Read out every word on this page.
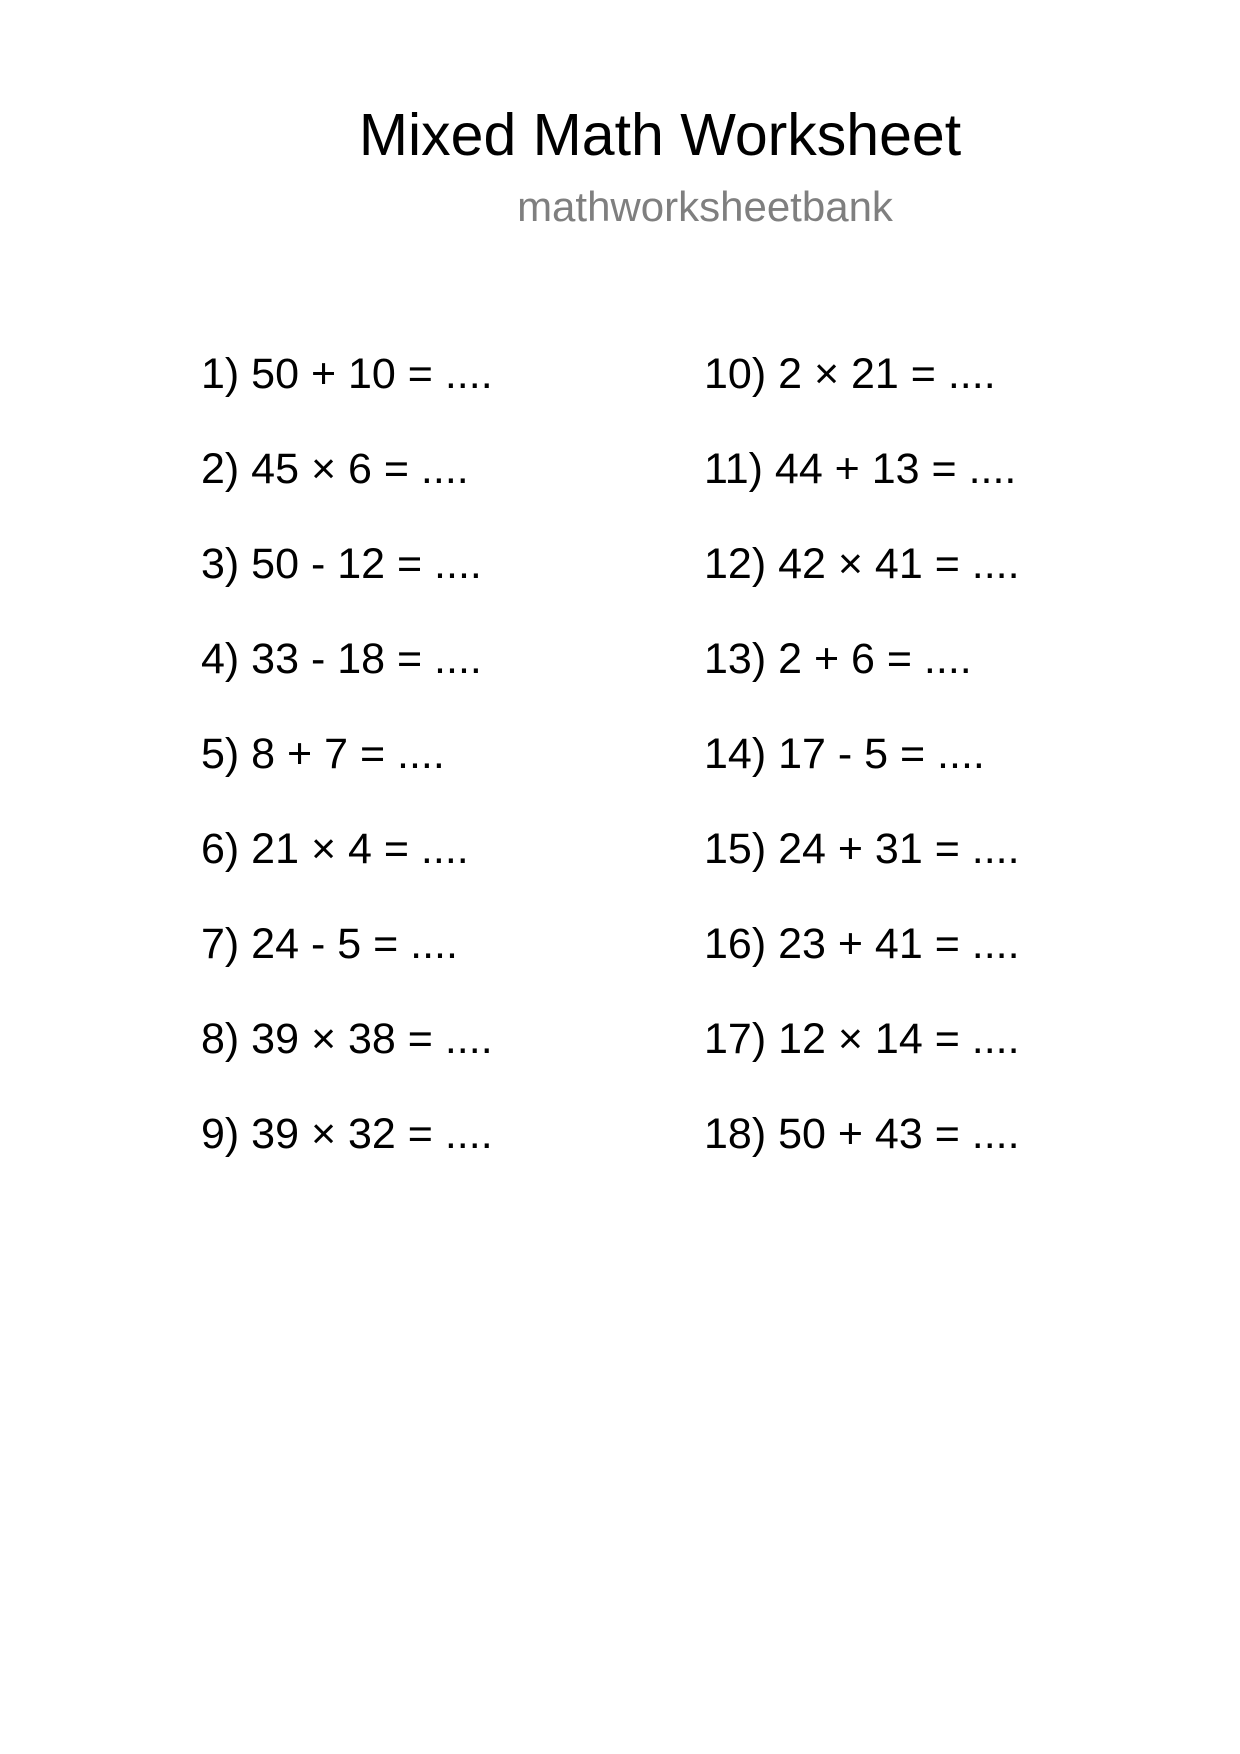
Mixed Math Worksheet
mathworksheetbank
1) 50 + 10 = ....
2) 45 × 6 = ....
3) 50 - 12 = ....
4) 33 - 18 = ....
5) 8 + 7 = ....
6) 21 × 4 = ....
7) 24 - 5 = ....
8) 39 × 38 = ....
9) 39 × 32 = ....
10) 2 × 21 = ....
11) 44 + 13 = ....
12) 42 × 41 = ....
13) 2 + 6 = ....
14) 17 - 5 = ....
15) 24 + 31 = ....
16) 23 + 41 = ....
17) 12 × 14 = ....
18) 50 + 43 = ....
